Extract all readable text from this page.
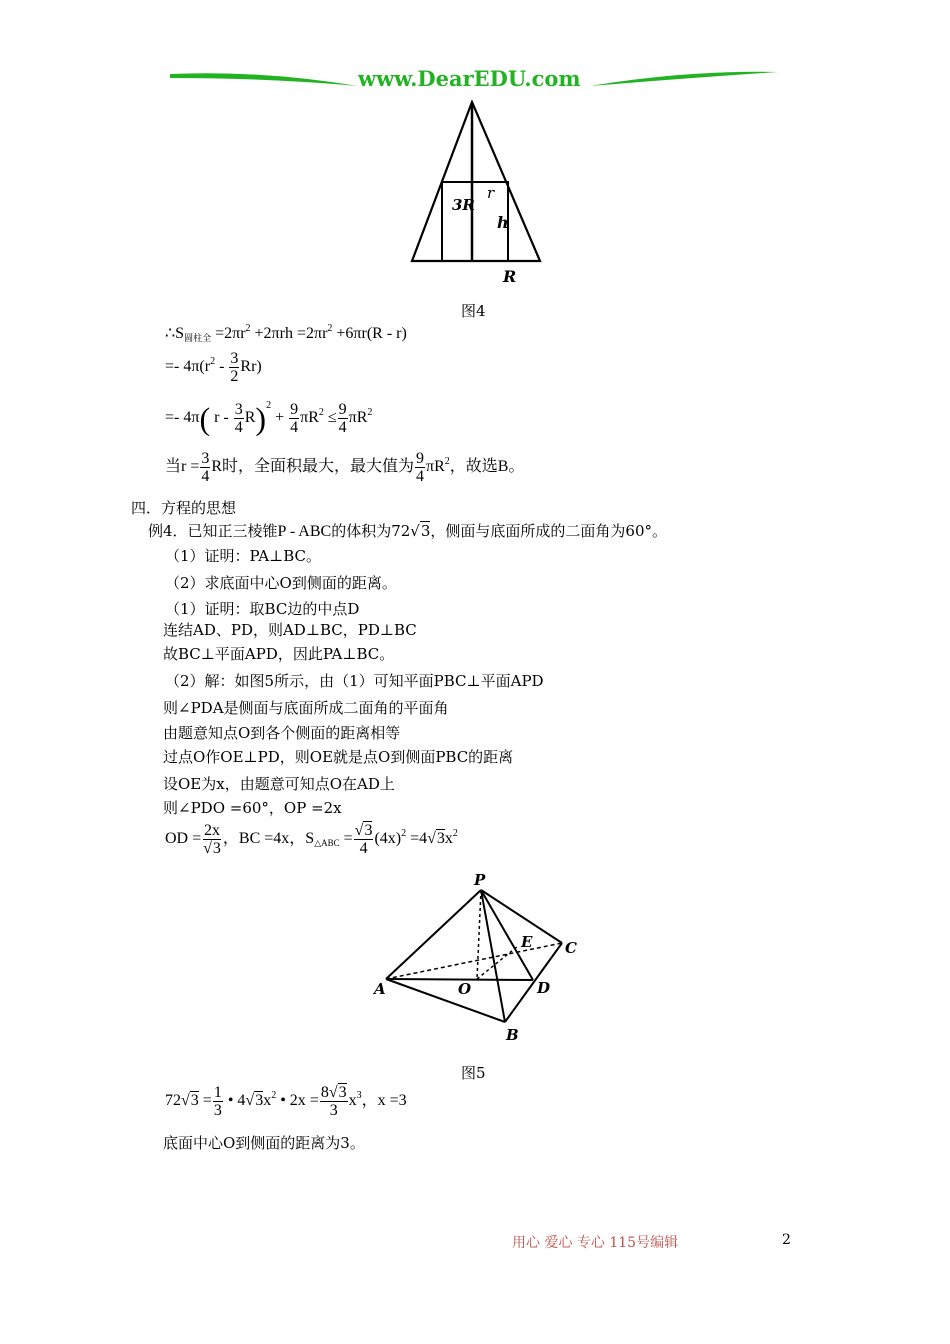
www.DearEDU.com
r
3R
h
R
图4
$\therefore S_{圆柱全} =2\pi r^2 +2\pi rh =2\pi r^2 +6\pi r(R - r)$
=- $4\pi(r^2 - \frac{3}{2} Rr)$
=- 4π( $r - \frac{3}{4} R)^2 + \frac{9}{4} \pi R^2 \le \frac{9}{4} \pi R^2$
当$r = \frac{3}{4}$ R时，全面积最大，最大值为 $\frac{9}{4} \pi R^2$，故选B。
四．方程的思想
例4．已知正三棱锥P - ABC的体积为72√3，侧面与底面所成的二面角为60°。
（1）证明：PA⊥BC。
（2）求底面中心O到侧面的距离。
（1）证明：取BC边的中点D
连结AD、PD，则AD⊥BC，PD⊥BC
故BC⊥平面APD，因此PA⊥BC。
（2）解：如图5所示，由（1）可知平面PBC⊥平面APD
则∠PDA是侧面与底面所成二面角的平面角
由题意知点O到各个侧面的距离相等
过点O作OE⊥PD，则OE就是点O到侧面PBC的距离
设OE为x，由题意可知点O在AD上
则∠PDO =60°，OP =2x
OD = $\frac{2x}{√3}$ ，BC =4x，$S_{\triangle ABC} = \frac{√3}{4} (4x)^2 =4√3x^2$
P
A
B
C
D
E
O
图5
$72√3 = \frac{1}{3}$ • $4√3x^2$ • $2x = \frac{8√3}{3} x^3$，x =3
底面中心O到侧面的距离为3。
用心 爱心 专心 115号编辑	2
